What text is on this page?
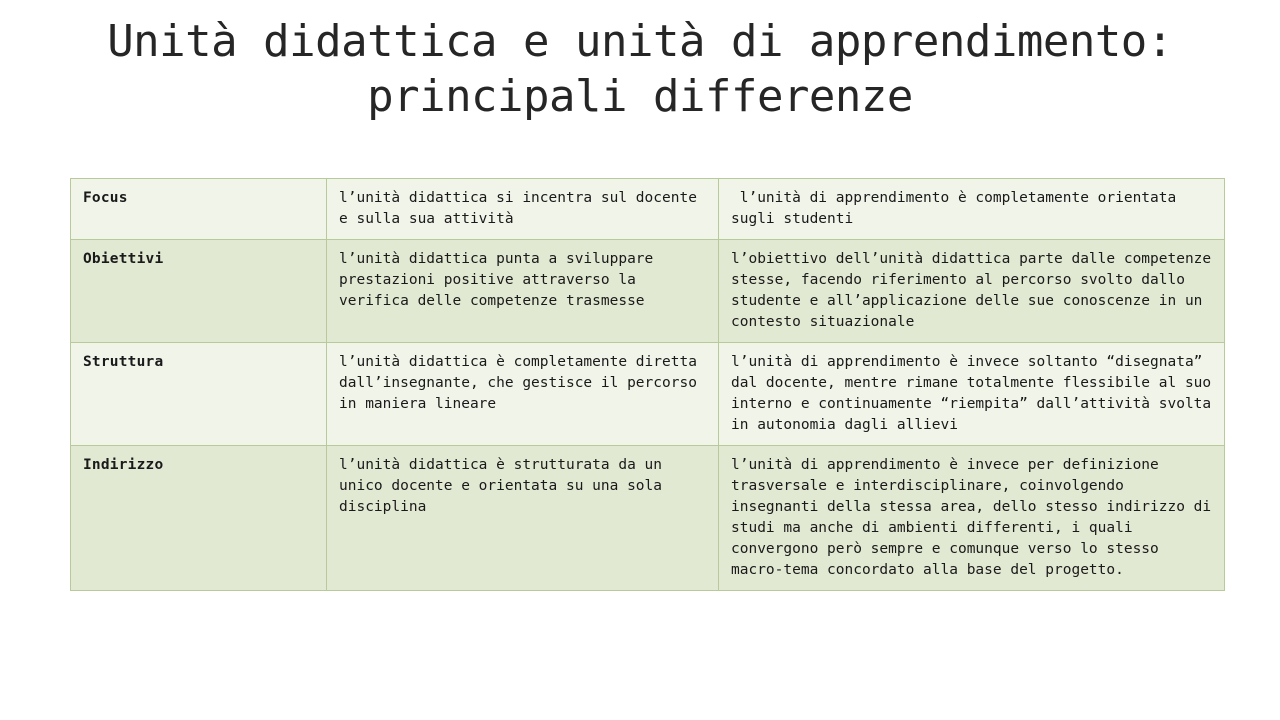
Unità didattica e unità di apprendimento: principali differenze
Focus	l’unità didattica si incentra sul docente e sulla sua attività	l’unità di apprendimento è completamente orientata sugli studenti

Obiettivi	l’unità didattica punta a sviluppare prestazioni positive attraverso la verifica delle competenze trasmesse	l’obiettivo dell’unità didattica parte dalle competenze stesse, facendo riferimento al percorso svolto dallo studente e all’applicazione delle sue conoscenze in un contesto situazionale

Struttura	l’unità didattica è completamente diretta dall’insegnante, che gestisce il percorso in maniera lineare	l’unità di apprendimento è invece soltanto “disegnata” dal docente, mentre rimane totalmente flessibile al suo interno e continuamente “riempita” dall’attività svolta in autonomia dagli allievi

Indirizzo	l’unità didattica è strutturata da un unico docente e orientata su una sola disciplina	l’unità di apprendimento è invece per definizione trasversale e interdisciplinare, coinvolgendo insegnanti della stessa area, dello stesso indirizzo di studi ma anche di ambienti differenti, i quali convergono però sempre e comunque verso lo stesso macro-tema concordato alla base del progetto.
